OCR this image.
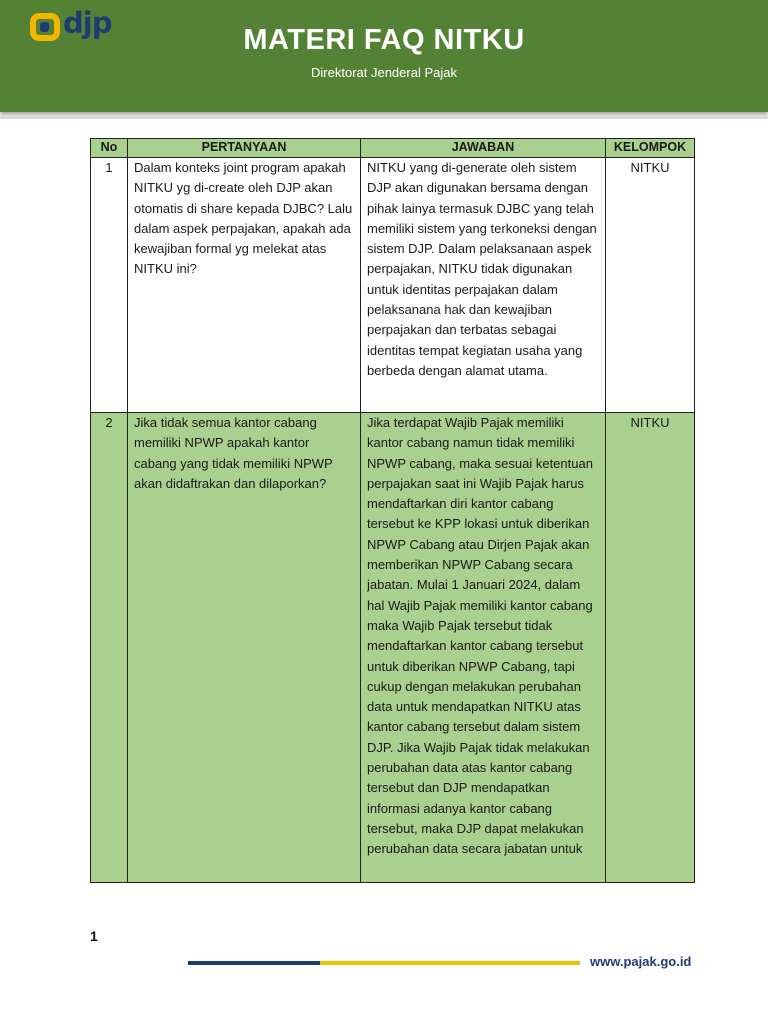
djp	MATERI FAQ NITKU
Direktorat Jenderal Pajak
No	PERTANYAAN	JAWABAN	KELOMPOK
1	Dalam konteks joint program apakah NITKU yg di-create oleh DJP akan otomatis di share kepada DJBC? Lalu dalam aspek perpajakan, apakah ada kewajiban formal yg melekat atas NITKU ini?	NITKU yang di-generate oleh sistem DJP akan digunakan bersama dengan pihak lainya termasuk DJBC yang telah memiliki sistem yang terkoneksi dengan sistem DJP. Dalam pelaksanaan aspek perpajakan, NITKU tidak digunakan untuk identitas perpajakan dalam pelaksanana hak dan kewajiban perpajakan dan terbatas sebagai identitas tempat kegiatan usaha yang berbeda dengan alamat utama.	NITKU
2	Jika tidak semua kantor cabang memiliki NPWP apakah kantor cabang yang tidak memiliki NPWP akan didaftrakan dan dilaporkan?	Jika terdapat Wajib Pajak memiliki kantor cabang namun tidak memiliki NPWP cabang, maka sesuai ketentuan perpajakan saat ini Wajib Pajak harus mendaftarkan diri kantor cabang tersebut ke KPP lokasi untuk diberikan NPWP Cabang atau Dirjen Pajak akan memberikan NPWP Cabang secara jabatan. Mulai 1 Januari 2024, dalam hal Wajib Pajak memiliki kantor cabang maka Wajib Pajak tersebut tidak mendaftarkan kantor cabang tersebut untuk diberikan NPWP Cabang, tapi cukup dengan melakukan perubahan data untuk mendapatkan NITKU atas kantor cabang tersebut dalam sistem DJP. Jika Wajib Pajak tidak melakukan perubahan data atas kantor cabang tersebut dan DJP mendapatkan informasi adanya kantor cabang tersebut, maka DJP dapat melakukan perubahan data secara jabatan untuk	NITKU
1
www.pajak.go.id
